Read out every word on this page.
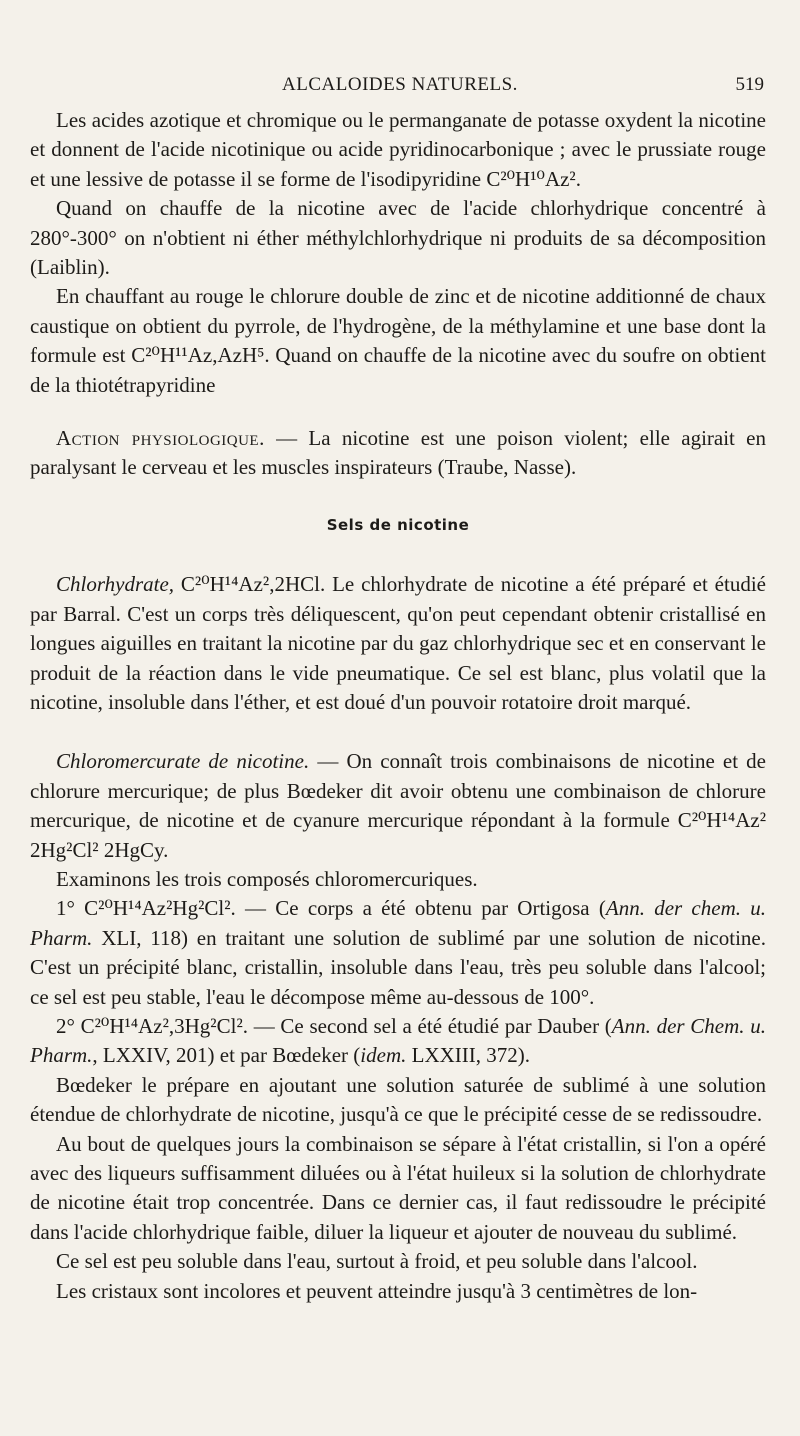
ALCALOIDES NATURELS.	519

Les acides azotique et chromique ou le permanganate de potasse oxydent la nicotine et donnent de l'acide nicotinique ou acide pyridinocarbonique ; avec le prussiate rouge et une lessive de potasse il se forme de l'isodipyridine C²⁰H¹⁰Az².

Quand on chauffe de la nicotine avec de l'acide chlorhydrique concentré à 280°-300° on n'obtient ni éther méthylchlorhydrique ni produits de sa décomposition (Laiblin).

En chauffant au rouge le chlorure double de zinc et de nicotine additionné de chaux caustique on obtient du pyrrole, de l'hydrogène, de la méthylamine et une base dont la formule est C²⁰H¹¹Az,AzH⁵. Quand on chauffe de la nicotine avec du soufre on obtient de la thiotétrapyridine

Action physiologique. — La nicotine est une poison violent; elle agirait en paralysant le cerveau et les muscles inspirateurs (Traube, Nasse).

Sels de nicotine

Chlorhydrate, C²⁰H¹⁴Az²,2HCl. Le chlorhydrate de nicotine a été préparé et étudié par Barral. C'est un corps très déliquescent, qu'on peut cependant obtenir cristallisé en longues aiguilles en traitant la nicotine par du gaz chlorhydrique sec et en conservant le produit de la réaction dans le vide pneumatique. Ce sel est blanc, plus volatil que la nicotine, insoluble dans l'éther, et est doué d'un pouvoir rotatoire droit marqué.

Chloromercurate de nicotine. — On connaît trois combinaisons de nicotine et de chlorure mercurique; de plus Bœdeker dit avoir obtenu une combinaison de chlorure mercurique, de nicotine et de cyanure mercurique répondant à la formule C²⁰H¹⁴Az² 2Hg²Cl² 2HgCy.

Examinons les trois composés chloromercuriques.

1° C²⁰H¹⁴Az²Hg²Cl². — Ce corps a été obtenu par Ortigosa (Ann. der chem. u. Pharm. XLI, 118) en traitant une solution de sublimé par une solution de nicotine. C'est un précipité blanc, cristallin, insoluble dans l'eau, très peu soluble dans l'alcool; ce sel est peu stable, l'eau le décompose même au-dessous de 100°.

2° C²⁰H¹⁴Az²,3Hg²Cl². — Ce second sel a été étudié par Dauber (Ann. der Chem. u. Pharm., LXXIV, 201) et par Bœdeker (idem. LXXIII, 372).

Bœdeker le prépare en ajoutant une solution saturée de sublimé à une solution étendue de chlorhydrate de nicotine, jusqu'à ce que le précipité cesse de se redissoudre.

Au bout de quelques jours la combinaison se sépare à l'état cristallin, si l'on a opéré avec des liqueurs suffisamment diluées ou à l'état huileux si la solution de chlorhydrate de nicotine était trop concentrée. Dans ce dernier cas, il faut redissoudre le précipité dans l'acide chlorhydrique faible, diluer la liqueur et ajouter de nouveau du sublimé.

Ce sel est peu soluble dans l'eau, surtout à froid, et peu soluble dans l'alcool.

Les cristaux sont incolores et peuvent atteindre jusqu'à 3 centimètres de lon-
